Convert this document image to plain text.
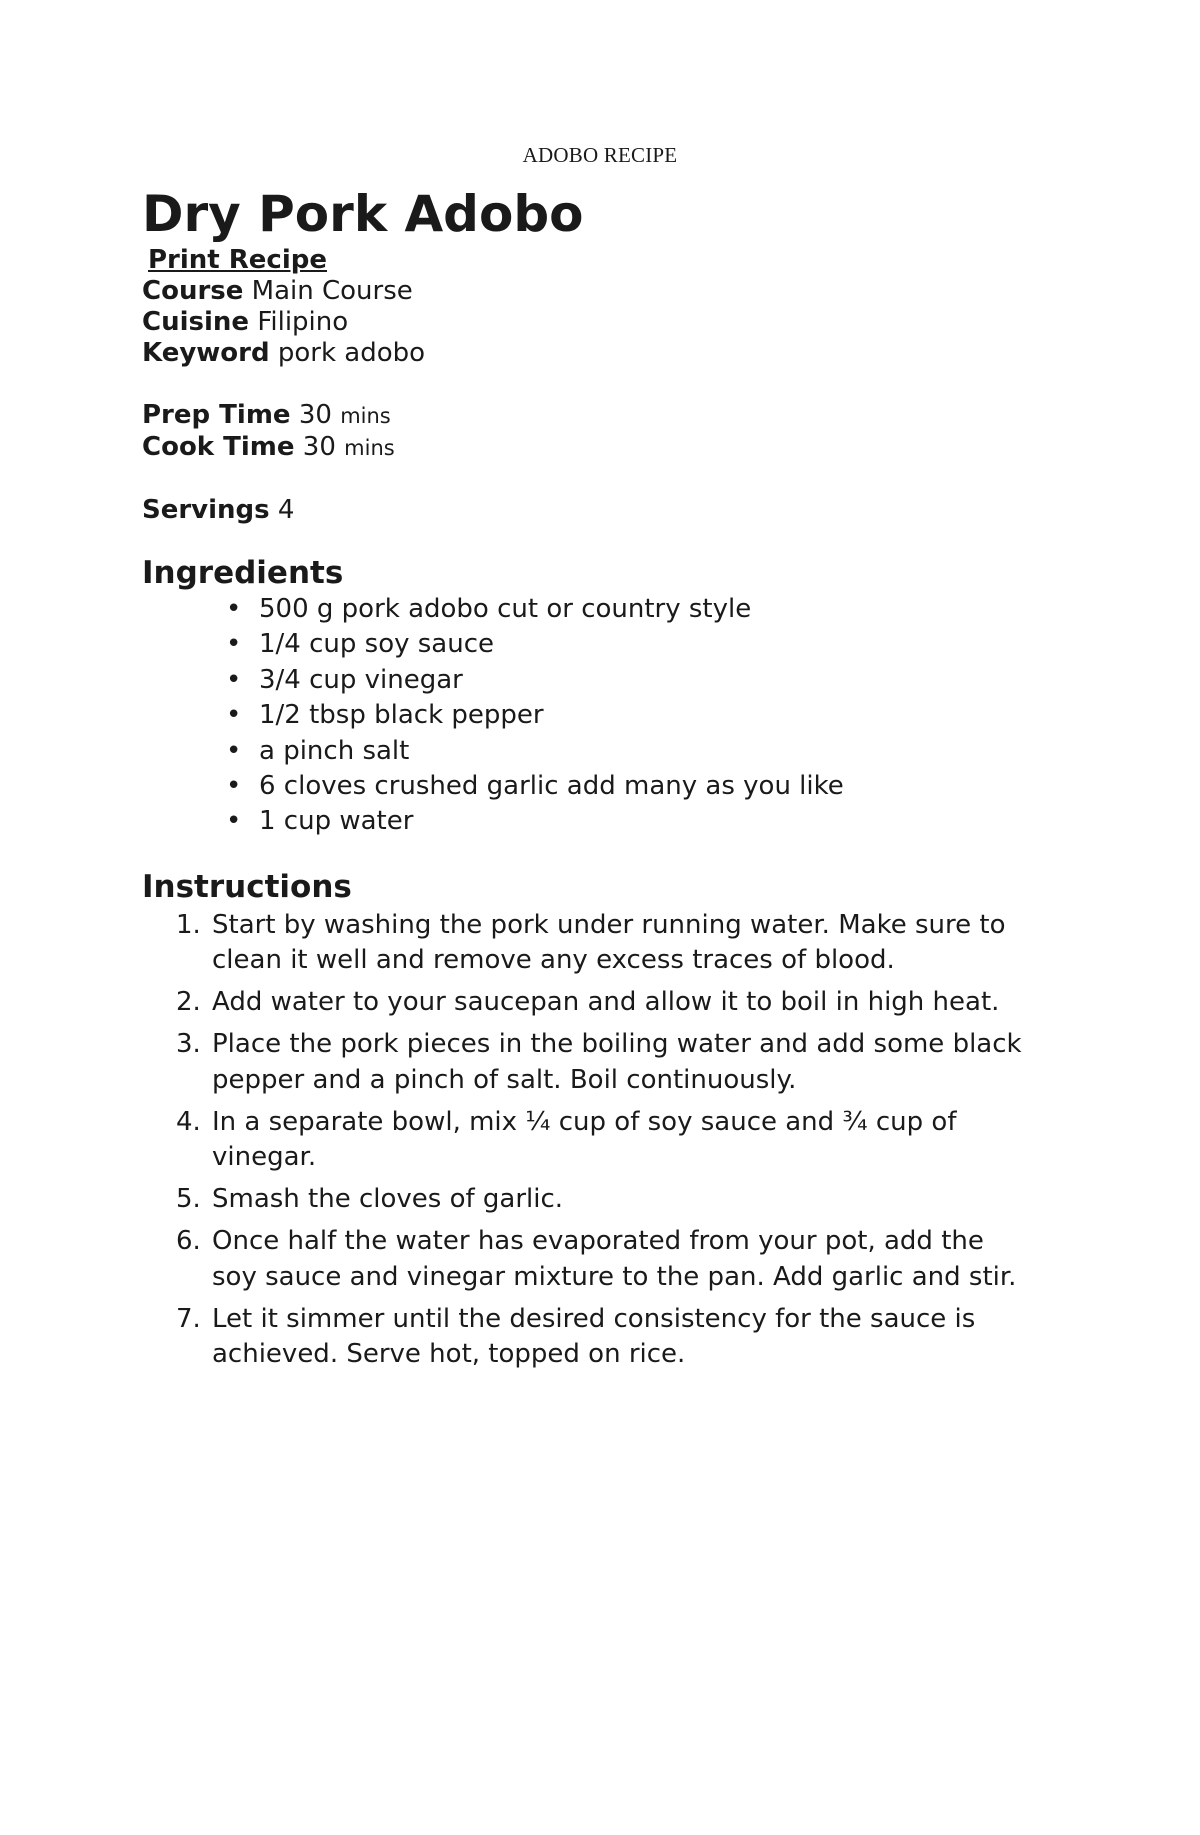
ADOBO RECIPE
Dry Pork Adobo
Print Recipe

Course Main Course

Cuisine Filipino

Keyword pork adobo

Prep Time 30 mins

Cook Time 30 mins

Servings 4

Ingredients
• 500 g pork adobo cut or country style
• 1/4 cup soy sauce
• 3/4 cup vinegar
• 1/2 tbsp black pepper
• a pinch salt
• 6 cloves crushed garlic add many as you like
• 1 cup water
Instructions
1. Start by washing the pork under running water. Make sure to clean it well and remove any excess traces of blood.
2. Add water to your saucepan and allow it to boil in high heat.
3. Place the pork pieces in the boiling water and add some black pepper and a pinch of salt. Boil continuously.
4. In a separate bowl, mix ¼ cup of soy sauce and ¾ cup of vinegar.
5. Smash the cloves of garlic.
6. Once half the water has evaporated from your pot, add the soy sauce and vinegar mixture to the pan. Add garlic and stir.
7. Let it simmer until the desired consistency for the sauce is achieved. Serve hot, topped on rice.
